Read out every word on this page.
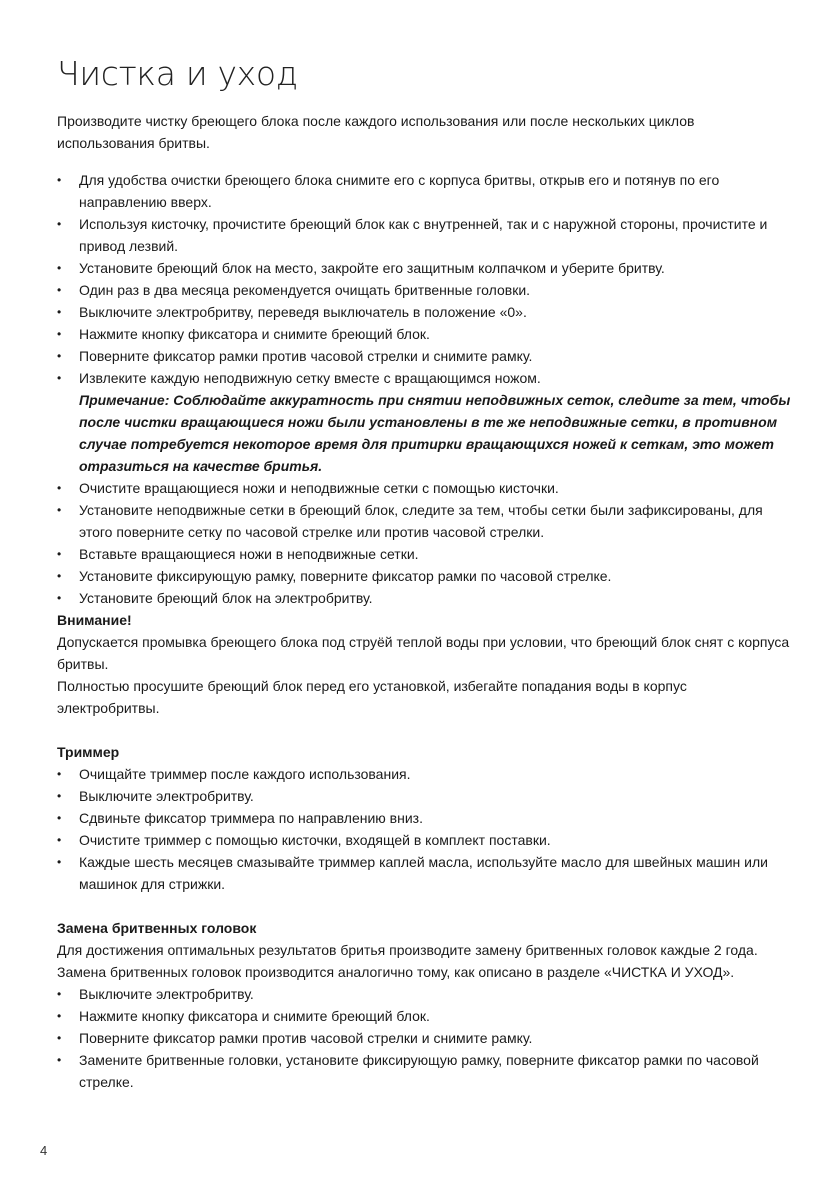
Чистка и уход

Производите чистку бреющего блока после каждого использования или после нескольких циклов использования бритвы.

• Для удобства очистки бреющего блока снимите его с корпуса бритвы, открыв его и потянув по его направлению вверх.
• Используя кисточку, прочистите бреющий блок как с внутренней, так и с наружной стороны, прочистите и привод лезвий.
• Установите бреющий блок на место, закройте его защитным колпачком и уберите бритву.
• Один раз в два месяца рекомендуется очищать бритвенные головки.
• Выключите электробритву, переведя выключатель в положение «0».
• Нажмите кнопку фиксатора и снимите бреющий блок.
• Поверните фиксатор рамки против часовой стрелки и снимите рамку.
• Извлеките каждую неподвижную сетку вместе с вращающимся ножом.
Примечание: Соблюдайте аккуратность при снятии неподвижных сеток, следите за тем, чтобы после чистки вращающиеся ножи были установлены в те же неподвижные сетки, в противном случае потребуется некоторое время для притирки вращающихся ножей к сеткам, это может отразиться на качестве бритья.
• Очистите вращающиеся ножи и неподвижные сетки с помощью кисточки.
• Установите неподвижные сетки в бреющий блок, следите за тем, чтобы сетки были зафиксированы, для этого поверните сетку по часовой стрелке или против часовой стрелки.
• Вставьте вращающиеся ножи в неподвижные сетки.
• Установите фиксирующую рамку, поверните фиксатор рамки по часовой стрелке.
• Установите бреющий блок на электробритву.
Внимание!

Допускается промывка бреющего блока под струёй теплой воды при условии, что бреющий блок снят с корпуса бритвы.

Полностью просушите бреющий блок перед его установкой, избегайте попадания воды в корпус электробритвы.

Триммер
• Очищайте триммер после каждого использования.
• Выключите электробритву.
• Сдвиньте фиксатор триммера по направлению вниз.
• Очистите триммер с помощью кисточки, входящей в комплект поставки.
• Каждые шесть месяцев смазывайте триммер каплей масла, используйте масло для швейных машин или машинок для стрижки.
Замена бритвенных головок

Для достижения оптимальных результатов бритья производите замену бритвенных головок каждые 2 года.

Замена бритвенных головок производится аналогично тому, как описано в разделе «ЧИСТКА И УХОД».

• Выключите электробритву.
• Нажмите кнопку фиксатора и снимите бреющий блок.
• Поверните фиксатор рамки против часовой стрелки и снимите рамку.
• Замените бритвенные головки, установите фиксирующую рамку, поверните фиксатор рамки по часовой стрелке.
4
